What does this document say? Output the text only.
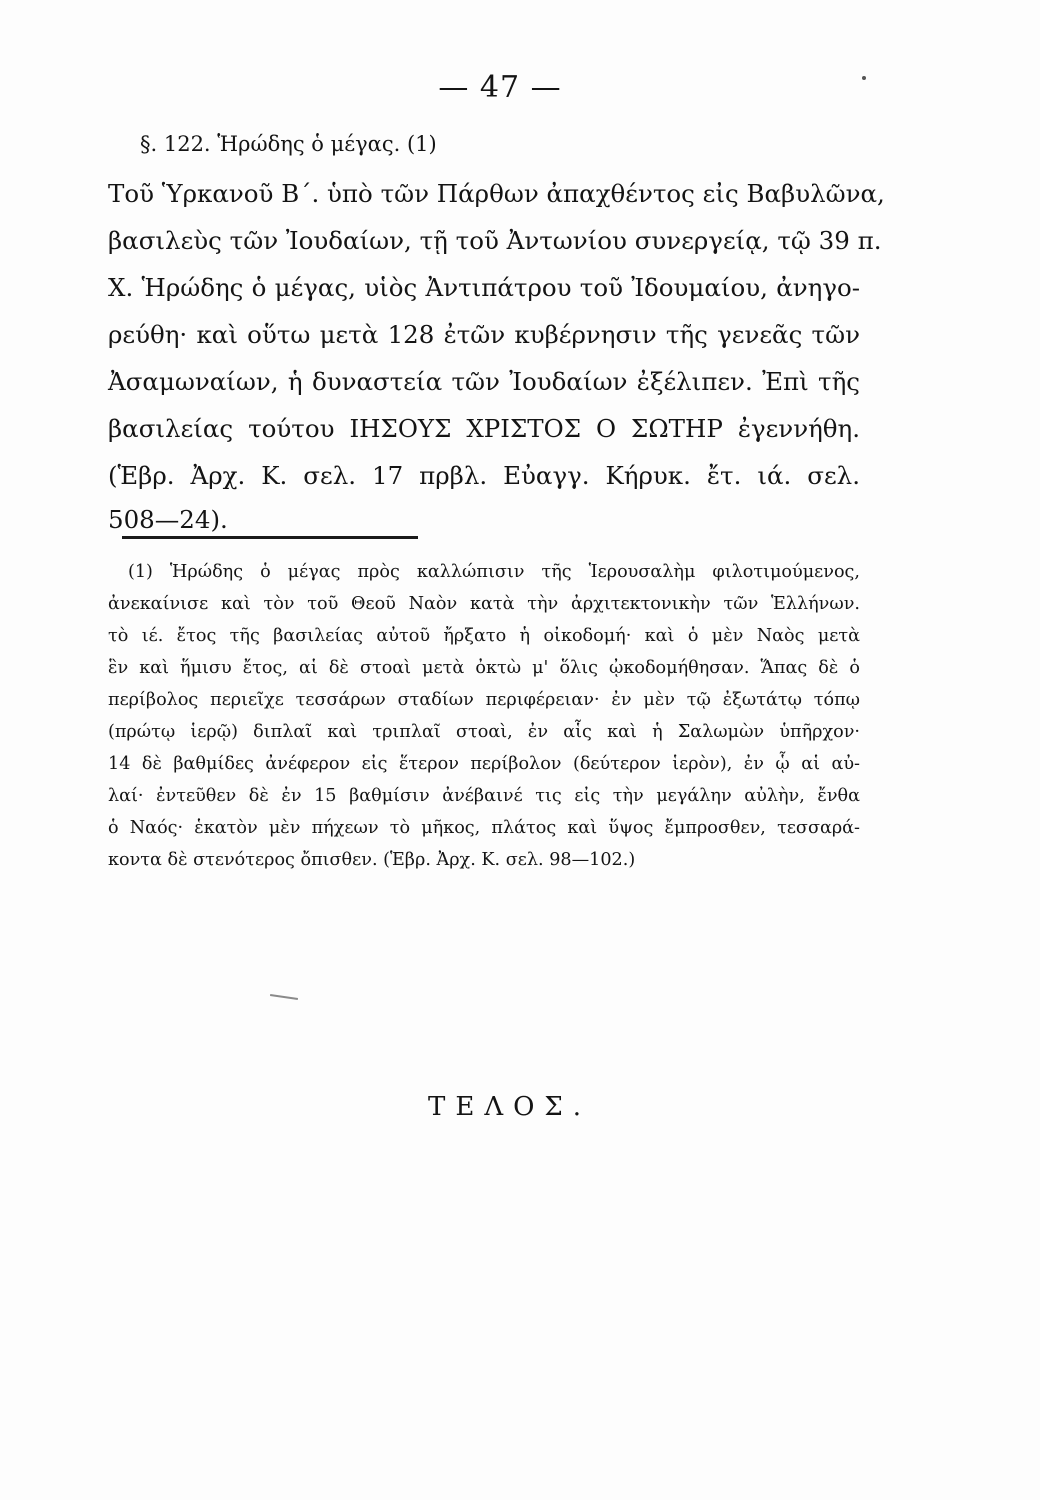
— 47 —
§. 122. Ἡρώδης ὁ μέγας. (1)
Τοῦ Ὑρκανοῦ Β΄. ὑπὸ τῶν Πάρθων ἀπαχθέντος εἰς Βαβυλῶνα,
βασιλεὺς τῶν Ἰουδαίων, τῇ τοῦ Ἀντωνίου συνεργείᾳ, τῷ 39 π.
Χ. Ἡρώδης ὁ μέγας, υἱὸς Ἀντιπάτρου τοῦ Ἰδουμαίου, ἀνηγο-
ρεύθη· καὶ οὕτω μετὰ 128 ἐτῶν κυβέρνησιν τῆς γενεᾶς τῶν
Ἀσαμωναίων, ἡ δυναστεία τῶν Ἰουδαίων ἐξέλιπεν. Ἐπὶ τῆς
βασιλείας τούτου ΙΗΣΟΥΣ ΧΡΙΣΤΟΣ Ο ΣΩΤΗΡ ἐγεννήθη.
(Ἑβρ. Ἀρχ. Κ. σελ. 17 πρβλ. Εὐαγγ. Κήρυκ. ἔτ. ιά. σελ.
508—24).
(1) Ἡρώδης ὁ μέγας πρὸς καλλώπισιν τῆς Ἱερουσαλὴμ φιλοτιμούμενος,
ἀνεκαίνισε καὶ τὸν τοῦ Θεοῦ Ναὸν κατὰ τὴν ἀρχιτεκτονικὴν τῶν Ἑλλήνων.
τὸ ιέ. ἔτος τῆς βασιλείας αὐτοῦ ἤρξατο ἡ οἰκοδομή· καὶ ὁ μὲν Ναὸς μετὰ
ἓν καὶ ἥμισυ ἔτος, αἱ δὲ στοαὶ μετὰ ὀκτὼ μ' ὅλις ᾠκοδομήθησαν. Ἅπας δὲ ὁ
περίβολος περιεῖχε τεσσάρων σταδίων περιφέρειαν· ἐν μὲν τῷ ἐξωτάτῳ τόπῳ
(πρώτῳ ἱερῷ) διπλαῖ καὶ τριπλαῖ στοαὶ, ἐν αἷς καὶ ἡ Σαλωμὼν ὑπῆρχον·
14 δὲ βαθμίδες ἀνέφερον εἰς ἕτερον περίβολον (δεύτερον ἱερὸν), ἐν ᾧ αἱ αὐ-
λαί· ἐντεῦθεν δὲ ἐν 15 βαθμίσιν ἀνέβαινέ τις εἰς τὴν μεγάλην αὐλὴν, ἔνθα
ὁ Ναός· ἑκατὸν μὲν πήχεων τὸ μῆκος, πλάτος καὶ ὕψος ἔμπροσθεν, τεσσαρά-
κοντα δὲ στενότερος ὄπισθεν. (Ἑβρ. Ἀρχ. Κ. σελ. 98—102.)
ΤΕΛΟΣ.
